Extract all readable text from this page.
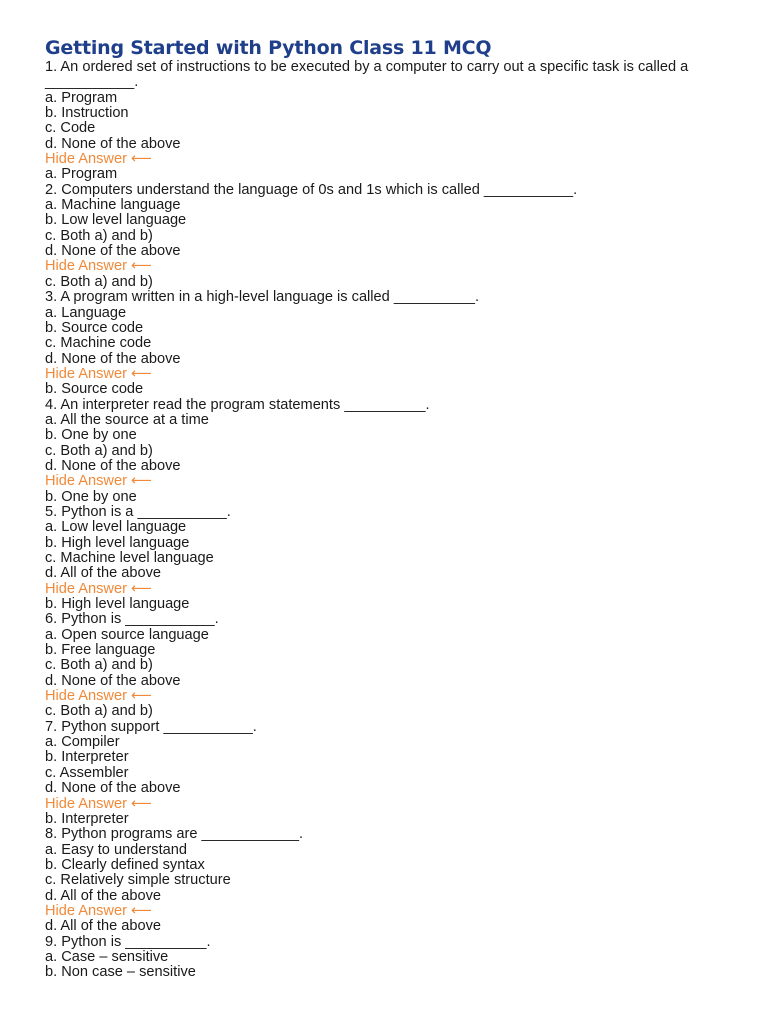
Getting Started with Python Class 11 MCQ

1. An ordered set of instructions to be executed by a computer to carry out a specific task is called a ___________.

a. Program

b. Instruction

c. Code

d. None of the above

Hide Answer ⟵

a. Program

2. Computers understand the language of 0s and 1s which is called ___________.

a. Machine language

b. Low level language

c. Both a) and b)

d. None of the above

Hide Answer ⟵

c. Both a) and b)

3. A program written in a high-level language is called __________.

a. Language

b. Source code

c. Machine code

d. None of the above

Hide Answer ⟵

b. Source code

4. An interpreter read the program statements __________.

a. All the source at a time

b. One by one

c. Both a) and b)

d. None of the above

Hide Answer ⟵

b. One by one

5. Python is a ___________.

a. Low level language

b. High level language

c. Machine level language

d. All of the above

Hide Answer ⟵

b. High level language

6. Python is ___________.

a. Open source language

b. Free language

c. Both a) and b)

d. None of the above

Hide Answer ⟵

c. Both a) and b)

7. Python support ___________.

a. Compiler

b. Interpreter

c. Assembler

d. None of the above

Hide Answer ⟵

b. Interpreter

8. Python programs are ____________.

a. Easy to understand

b. Clearly defined syntax

c. Relatively simple structure

d. All of the above

Hide Answer ⟵

d. All of the above

9. Python is __________.

a. Case – sensitive

b. Non case – sensitive
